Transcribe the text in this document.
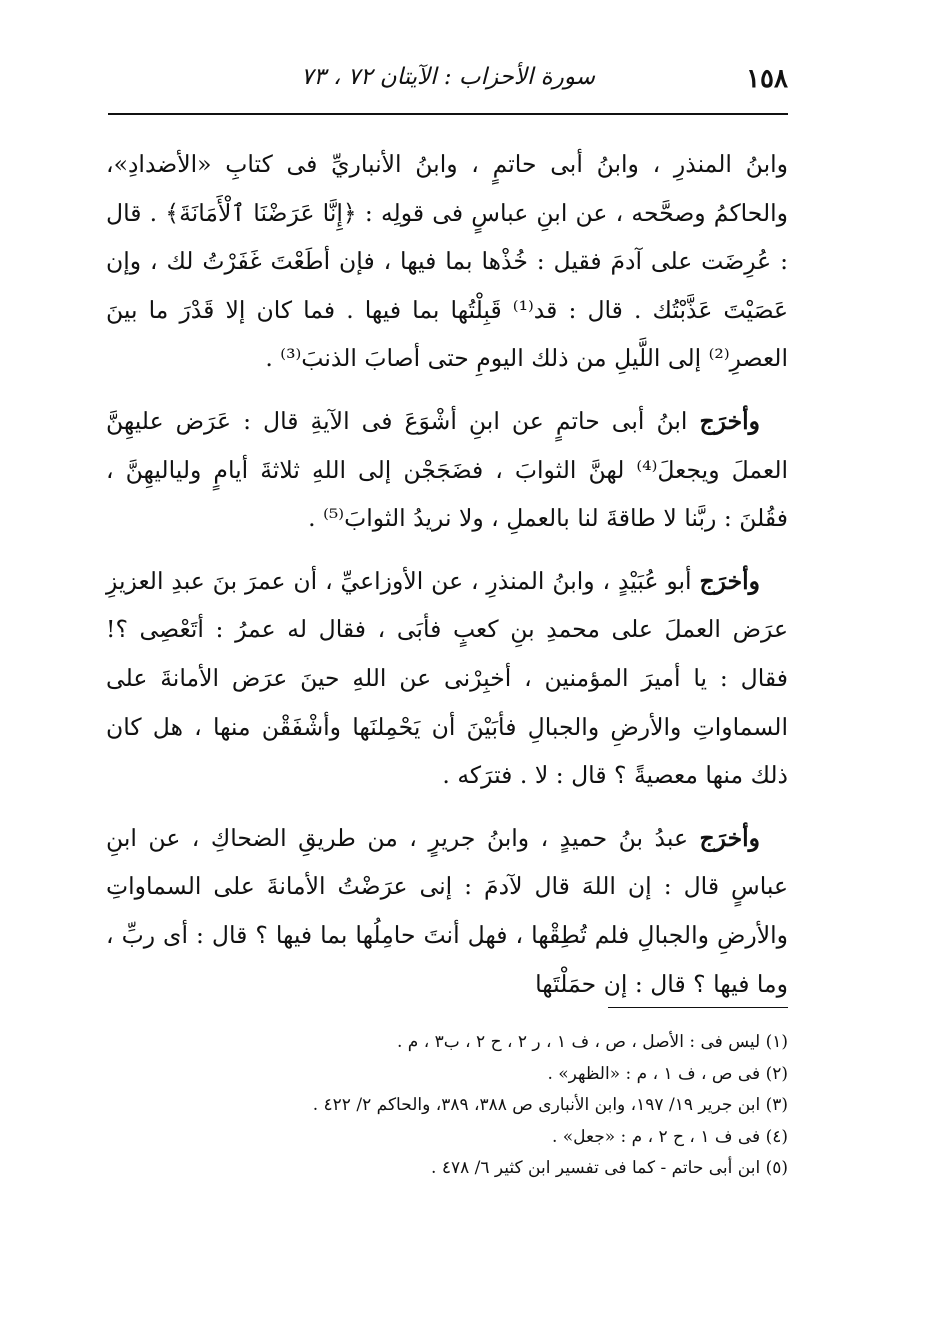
١٥٨
سورة الأحزاب : الآيتان ٧٢ ، ٧٣

وابنُ المنذرِ ، وابنُ أبى حاتمٍ ، وابنُ الأنباريِّ فى كتابِ «الأضدادِ»، والحاكمُ وصحَّحه ، عن ابنِ عباسٍ فى قولِه : ﴿إِنَّا عَرَضْنَا ٱلْأَمَانَةَ﴾ . قال : عُرِضَت على آدمَ فقيل : خُذْها بما فيها ، فإن أطَعْتَ غَفَرْتُ لك ، وإن عَصَيْتَ عَذَّبْتُك . قال : قد⁽¹⁾ قَبِلْتُها بما فيها . فما كان إلا قَدْرَ ما بينَ العصرِ⁽²⁾ إلى اللَّيلِ من ذلك اليومِ حتى أصابَ الذنبَ⁽³⁾ .

وأخرَج ابنُ أبى حاتمٍ عن ابنِ أشْوَعَ فى الآيةِ قال : عَرَض عليهِنَّ العملَ ويجعلَ⁽⁴⁾ لهنَّ الثوابَ ، فضَجَجْن إلى اللهِ ثلاثةَ أيامٍ ولياليهِنَّ ، فقُلنَ : ربَّنا لا طاقةَ لنا بالعملِ ، ولا نريدُ الثوابَ⁽⁵⁾ .

وأخرَج أبو عُبَيْدٍ ، وابنُ المنذرِ ، عن الأوزاعيِّ ، أن عمرَ بنَ عبدِ العزيزِ عرَض العملَ على محمدِ بنِ كعبٍ فأبَى ، فقال له عمرُ : أتَعْصِى ؟! فقال : يا أميرَ المؤمنين ، أخبِرْنى عن اللهِ حينَ عرَض الأمانةَ على السماواتِ والأرضِ والجبالِ فأبَيْنَ أن يَحْمِلنَها وأشْفَقْن منها ، هل كان ذلك منها معصيةً ؟ قال : لا . فترَكه .

وأخرَج عبدُ بنُ حميدٍ ، وابنُ جريرٍ ، من طريقِ الضحاكِ ، عن ابنِ عباسٍ قال : إن اللهَ قال لآدمَ : إنى عرَضْتُ الأمانةَ على السماواتِ والأرضِ والجبالِ فلم تُطِقْها ، فهل أنتَ حامِلُها بما فيها ؟ قال : أى ربِّ ، وما فيها ؟ قال : إن حمَلْتَها

(١) ليس فى : الأصل ، ص ، ف ١ ، ر ٢ ، ح ٢ ، ب٣ ، م .

(٢) فى ص ، ف ١ ، م : «الظهر» .

(٣) ابن جرير ١٩/ ١٩٧، وابن الأنبارى ص ٣٨٨، ٣٨٩، والحاكم ٢/ ٤٢٢ .

(٤) فى ف ١ ، ح ٢ ، م : «جعل» .

(٥) ابن أبى حاتم - كما فى تفسير ابن كثير ٦/ ٤٧٨ .
